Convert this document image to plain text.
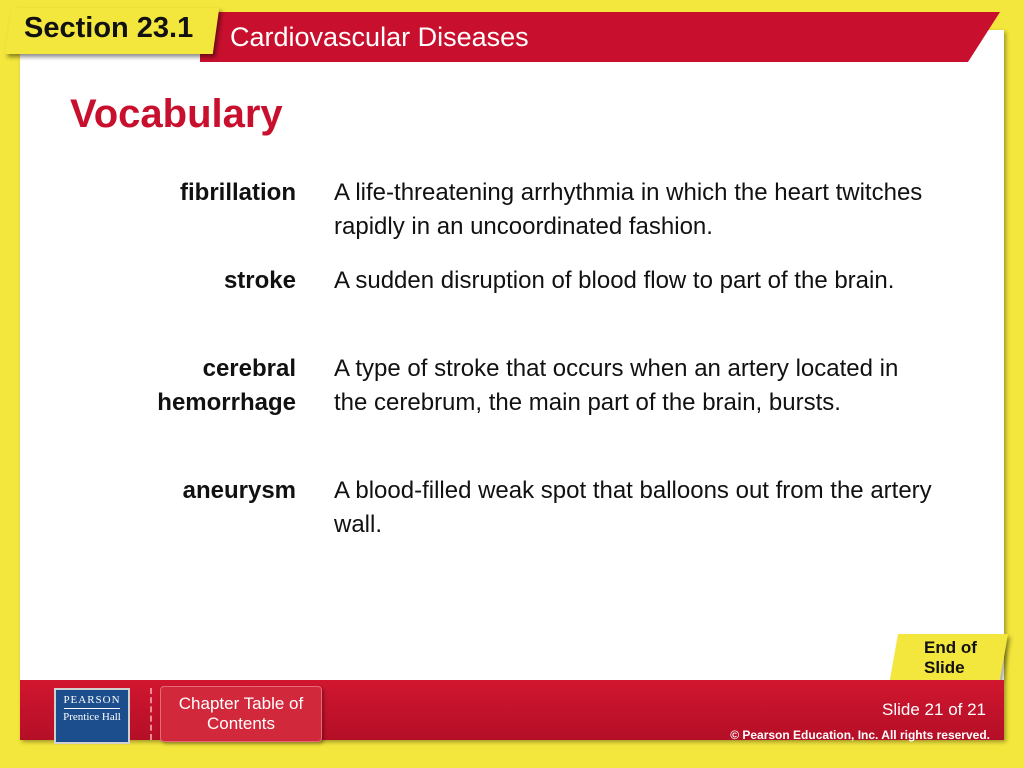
Cardiovascular Diseases
Section 23.1
Vocabulary
fibrillation A life-threatening arrhythmia in which the heart twitches rapidly in an uncoordinated fashion.
stroke A sudden disruption of blood flow to part of the brain.
cerebral hemorrhage
A type of stroke that occurs when an artery located in the cerebrum, the main part of the brain, bursts.
aneurysm A blood-filled weak spot that balloons out from the artery wall.
End of Slide
PEARSON
Prentice Hall
Chapter Table of Contents
Slide 21 of 21
© Pearson Education, Inc. All rights reserved.
